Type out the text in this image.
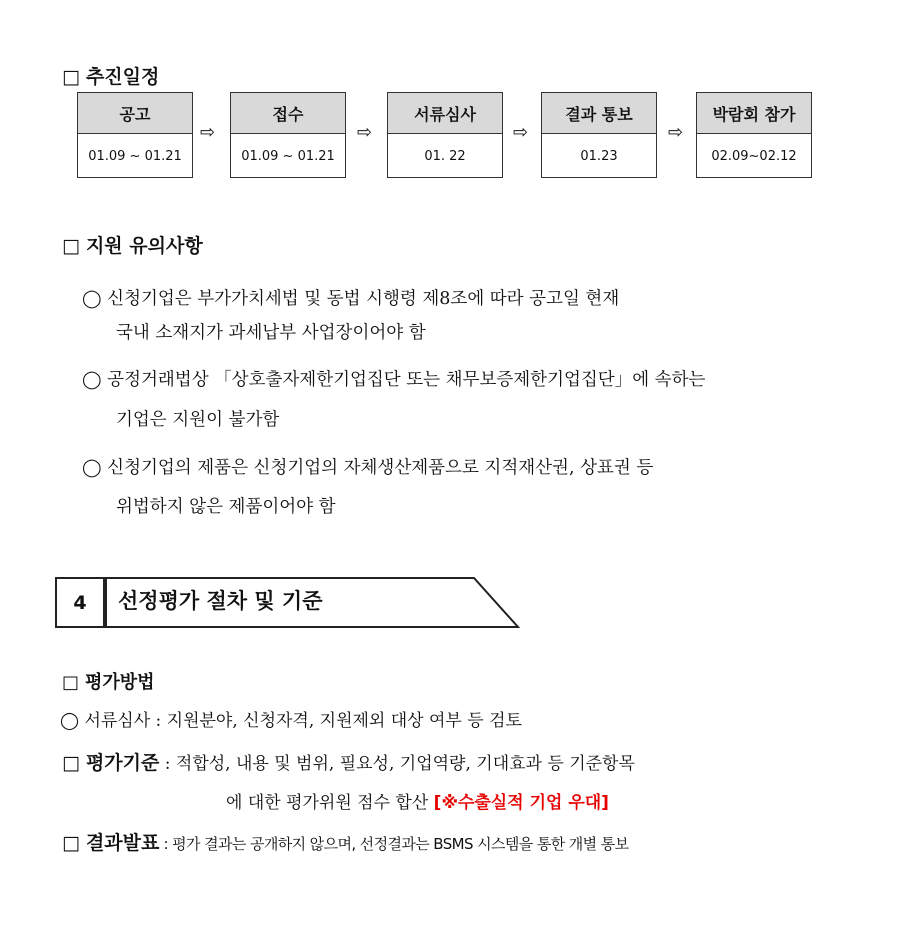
□ 추진일정
공고
01.09 ~ 01.21
⇨
접수
01.09 ~ 01.21
⇨
서류심사
01. 22
⇨
결과 통보
01.23
⇨
박람회 참가
02.09~02.12
□ 지원 유의사항
◯ 신청기업은 부가가치세법 및 동법 시행령 제8조에 따라 공고일 현재
국내 소재지가 과세납부 사업장이어야 함
◯ 공정거래법상 「상호출자제한기업집단 또는 채무보증제한기업집단」에 속하는
기업은 지원이 불가함
◯ 신청기업의 제품은 신청기업의 자체생산제품으로 지적재산권, 상표권 등
위법하지 않은 제품이어야 함
4	선정평가 절차 및 기준
□ 평가방법
◯ 서류심사 : 지원분야, 신청자격, 지원제외 대상 여부 등 검토
□ 평가기준 : 적합성, 내용 및 범위, 필요성, 기업역량, 기대효과 등 기준항목
에 대한 평가위원 점수 합산 [※수출실적 기업 우대]
□ 결과발표 : 평가 결과는 공개하지 않으며, 선정결과는 BSMS 시스템을 통한 개별 통보
